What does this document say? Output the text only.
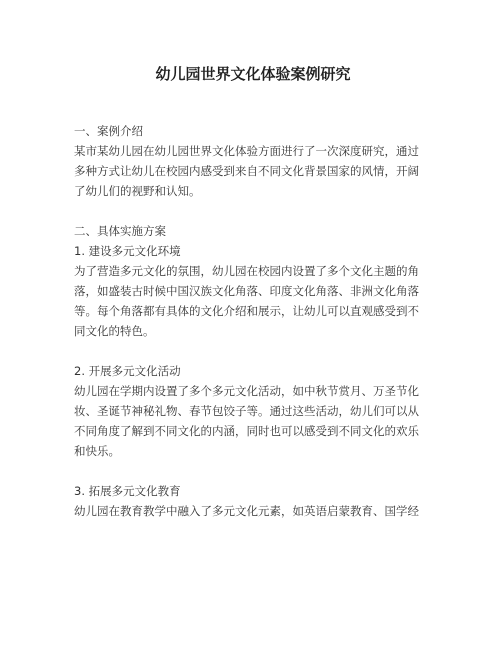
幼儿园世界文化体验案例研究

一、案例介绍

某市某幼儿园在幼儿园世界文化体验方面进行了一次深度研究，通过
多种方式让幼儿在校园内感受到来自不同文化背景国家的风情，开阔
了幼儿们的视野和认知。

二、具体实施方案

1. 建设多元文化环境

为了营造多元文化的氛围，幼儿园在校园内设置了多个文化主题的角
落，如盛装古时候中国汉族文化角落、印度文化角落、非洲文化角落
等。每个角落都有具体的文化介绍和展示，让幼儿可以直观感受到不
同文化的特色。

2. 开展多元文化活动

幼儿园在学期内设置了多个多元文化活动，如中秋节赏月、万圣节化
妆、圣诞节神秘礼物、春节包饺子等。通过这些活动，幼儿们可以从
不同角度了解到不同文化的内涵，同时也可以感受到不同文化的欢乐
和快乐。

3. 拓展多元文化教育

幼儿园在教育教学中融入了多元文化元素，如英语启蒙教育、国学经
